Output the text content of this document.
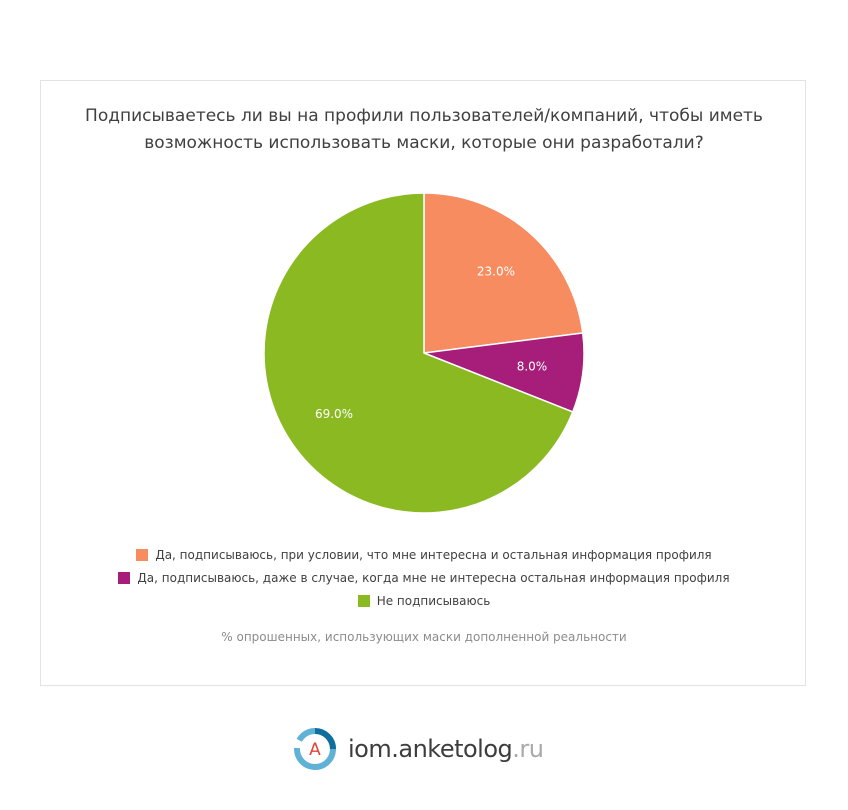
Подписываетесь ли вы на профили пользователей/компаний, чтобы иметь
возможность использовать маски, которые они разработали?
23.0%
8.0%
69.0%
Да, подписываюсь, при условии, что мне интересна и остальная информация профиля
Да, подписываюсь, даже в случае, когда мне не интересна остальная информация профиля
Не подписываюсь
% опрошенных, использующих маски дополненной реальности
А iom.anketolog.ru
